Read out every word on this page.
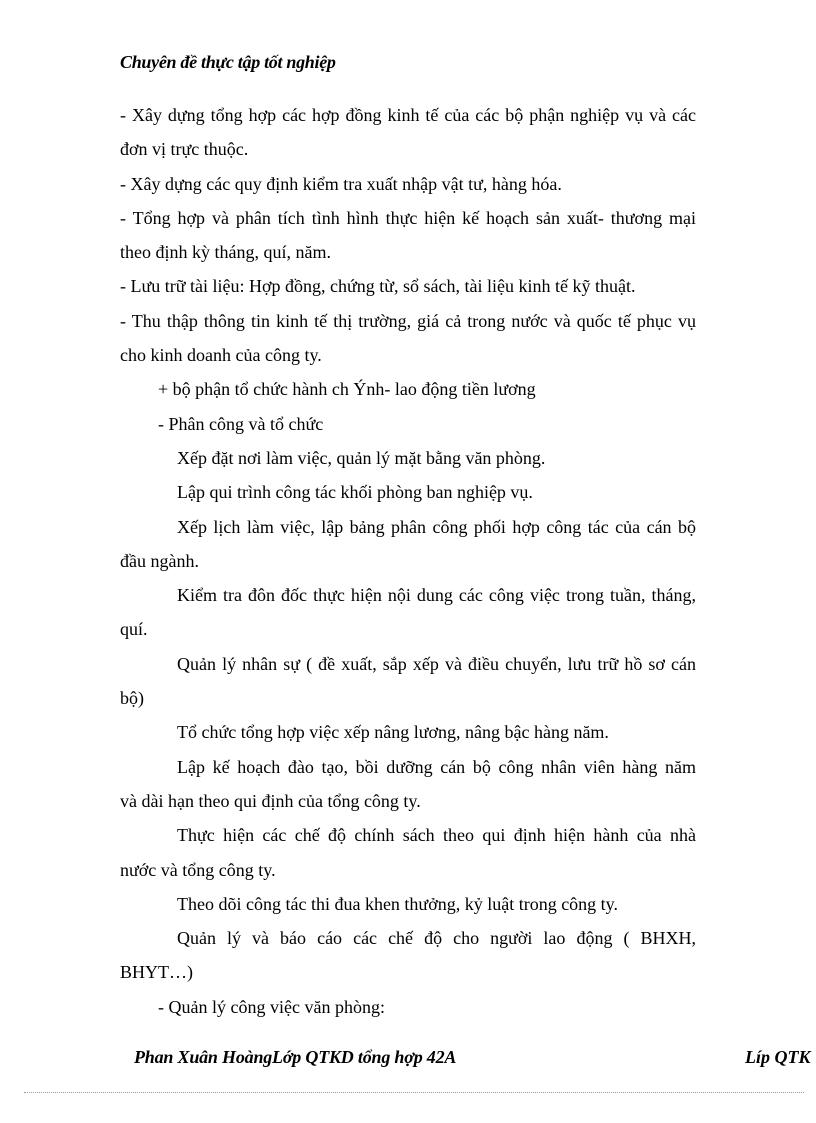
Chuyên đề thực tập tốt nghiệp
- Xây dựng tổng hợp các hợp đồng kinh tế của các bộ phận nghiệp vụ và các
đơn vị trực thuộc.
- Xây dựng các quy định kiểm tra xuất nhập vật tư, hàng hóa.
- Tổng hợp và phân tích tình hình thực hiện kế hoạch sản xuất- thương mại
theo định kỳ tháng, quí, năm.
- Lưu trữ tài liệu: Hợp đồng, chứng từ, sổ sách, tài liệu kinh tế kỹ thuật.
- Thu thập thông tin kinh tế thị trường, giá cả trong nước và quốc tế phục vụ
cho kinh doanh của công ty.
+ bộ phận tổ chức hành ch Ýnh- lao động tiền lương
- Phân công và tổ chức
Xếp đặt nơi làm việc, quản lý mặt bằng văn phòng.
Lập qui trình công tác khối phòng ban nghiệp vụ.
Xếp lịch làm việc, lập bảng phân công phối hợp công tác của cán bộ
đầu ngành.
Kiểm tra đôn đốc thực hiện nội dung các công việc trong tuần, tháng,
quí.
Quản lý nhân sự ( đề xuất, sắp xếp và điều chuyển, lưu trữ hồ sơ cán
bộ)
Tổ chức tổng hợp việc xếp nâng lương, nâng bậc hàng năm.
Lập kế hoạch đào tạo, bồi dưỡng cán bộ công nhân viên hàng năm
và dài hạn theo qui định của tổng công ty.
Thực hiện các chế độ chính sách theo qui định hiện hành của nhà
nước và tổng công ty.
Theo dõi công tác thi đua khen thưởng, kỷ luật trong công ty.
Quản lý và báo cáo các chế độ cho người lao động ( BHXH,
BHYT…)
- Quản lý công việc văn phòng:
Phan Xuân HoàngLớp QTKD tổng hợp 42A	Líp QTK
